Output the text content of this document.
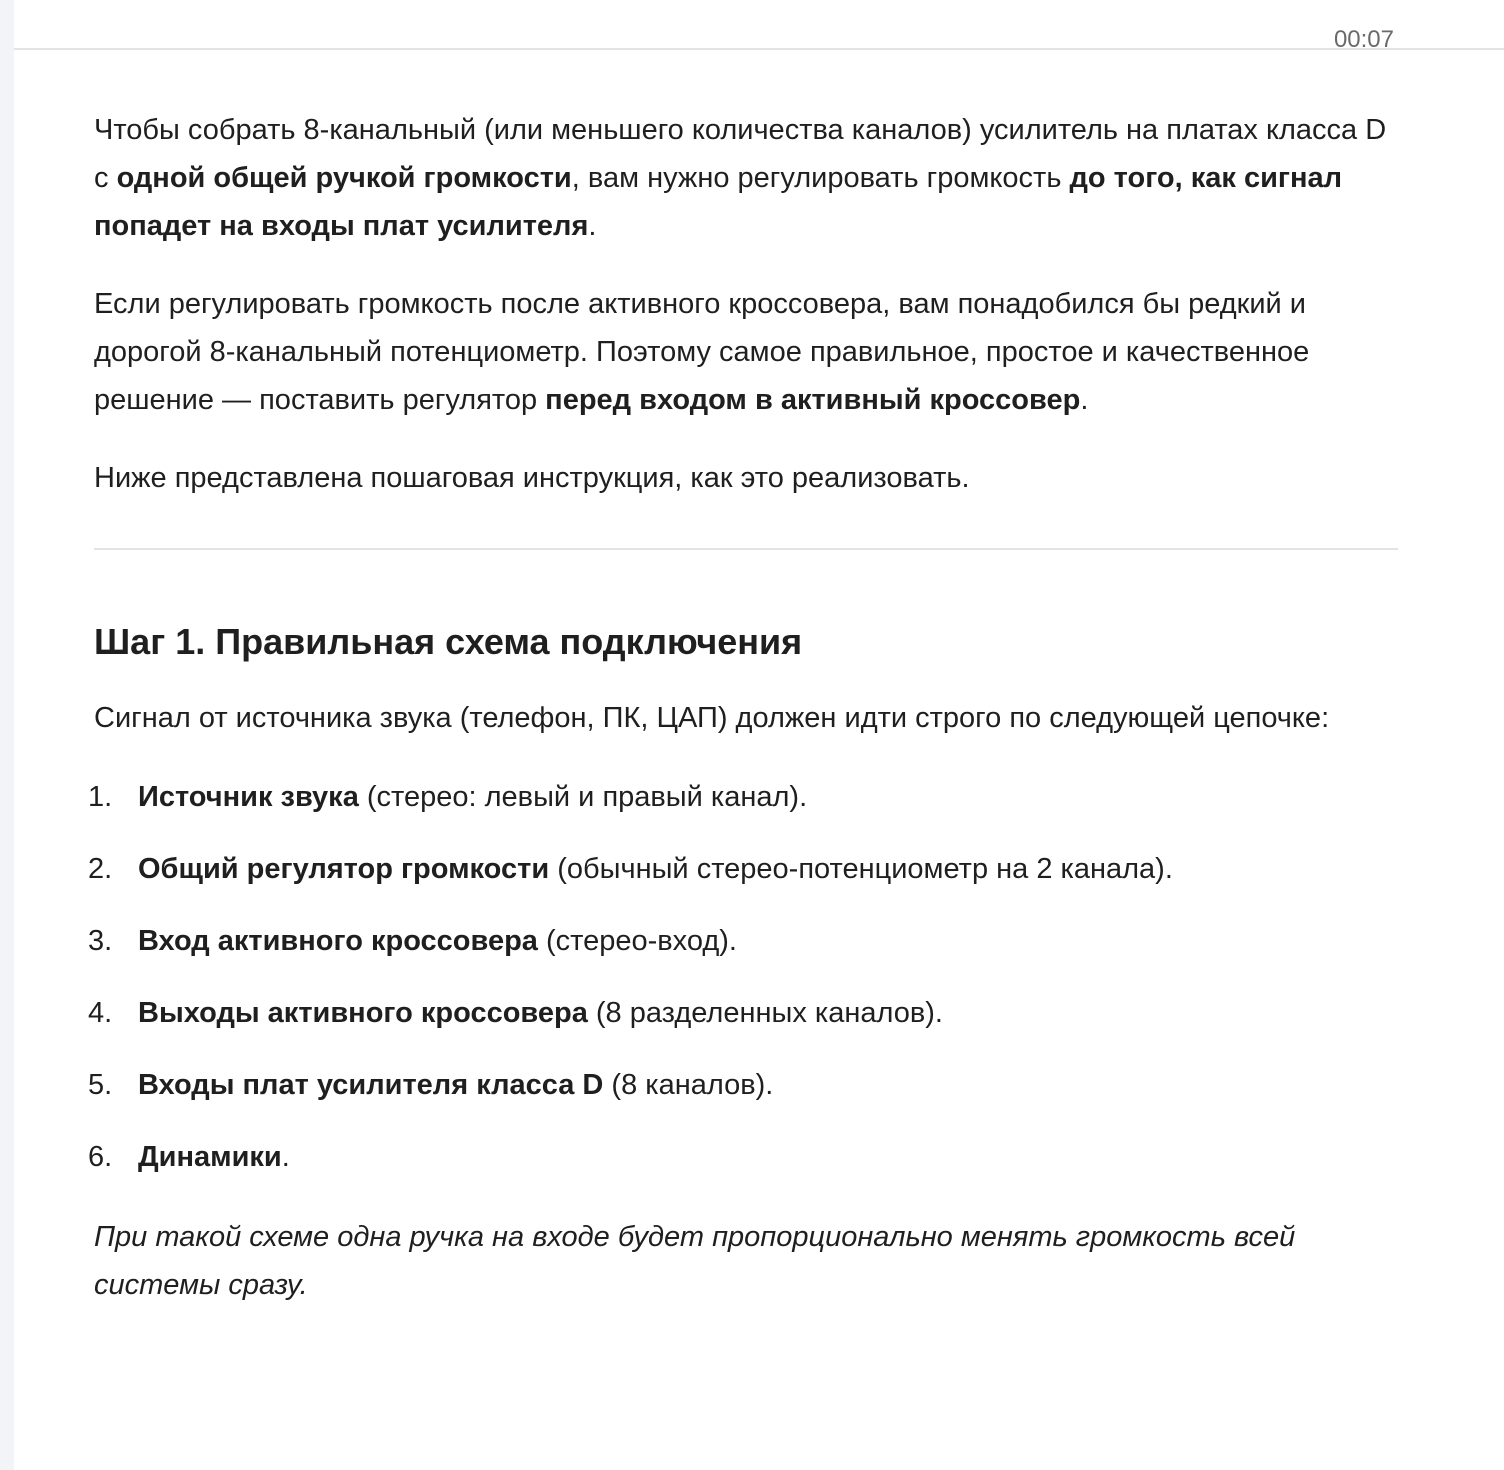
00:07

Чтобы собрать 8-канальный (или меньшего количества каналов) усилитель на платах класса D с одной общей ручкой громкости, вам нужно регулировать громкость до того, как сигнал попадет на входы плат усилителя.

Если регулировать громкость после активного кроссовера, вам понадобился бы редкий и дорогой 8-канальный потенциометр. Поэтому самое правильное, простое и качественное решение — поставить регулятор перед входом в активный кроссовер.

Ниже представлена пошаговая инструкция, как это реализовать.

Шаг 1. Правильная схема подключения

Сигнал от источника звука (телефон, ПК, ЦАП) должен идти строго по следующей цепочке:

1. Источник звука (стерео: левый и правый канал).
2. Общий регулятор громкости (обычный стерео-потенциометр на 2 канала).
3. Вход активного кроссовера (стерео-вход).
4. Выходы активного кроссовера (8 разделенных каналов).
5. Входы плат усилителя класса D (8 каналов).
6. Динамики.

При такой схеме одна ручка на входе будет пропорционально менять громкость всей системы сразу.
